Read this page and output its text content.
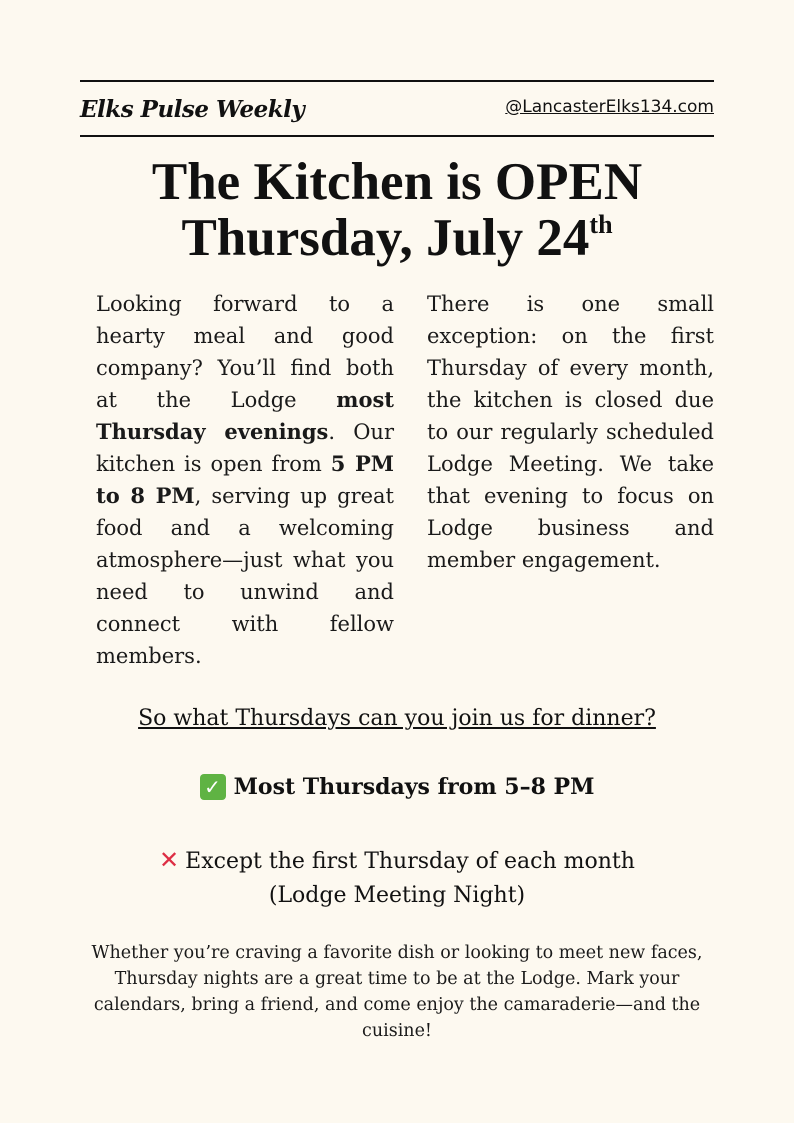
Elks Pulse Weekly	@LancasterElks134.com
The Kitchen is OPEN
Thursday, July 24th
Looking forward to a hearty meal and good company? You’ll find both at the Lodge most Thursday evenings. Our kitchen is open from 5 PM to 8 PM, serving up great food and a welcoming atmosphere—just what you need to unwind and connect with fellow members.
There is one small exception: on the first Thursday of every month, the kitchen is closed due to our regularly scheduled Lodge Meeting. We take that evening to focus on Lodge business and member engagement.
So what Thursdays can you join us for dinner?
✓ Most Thursdays from 5–8 PM
✕ Except the first Thursday of each month
(Lodge Meeting Night)
Whether you’re craving a favorite dish or looking to meet new faces, Thursday nights are a great time to be at the Lodge. Mark your calendars, bring a friend, and come enjoy the camaraderie—and the cuisine!
